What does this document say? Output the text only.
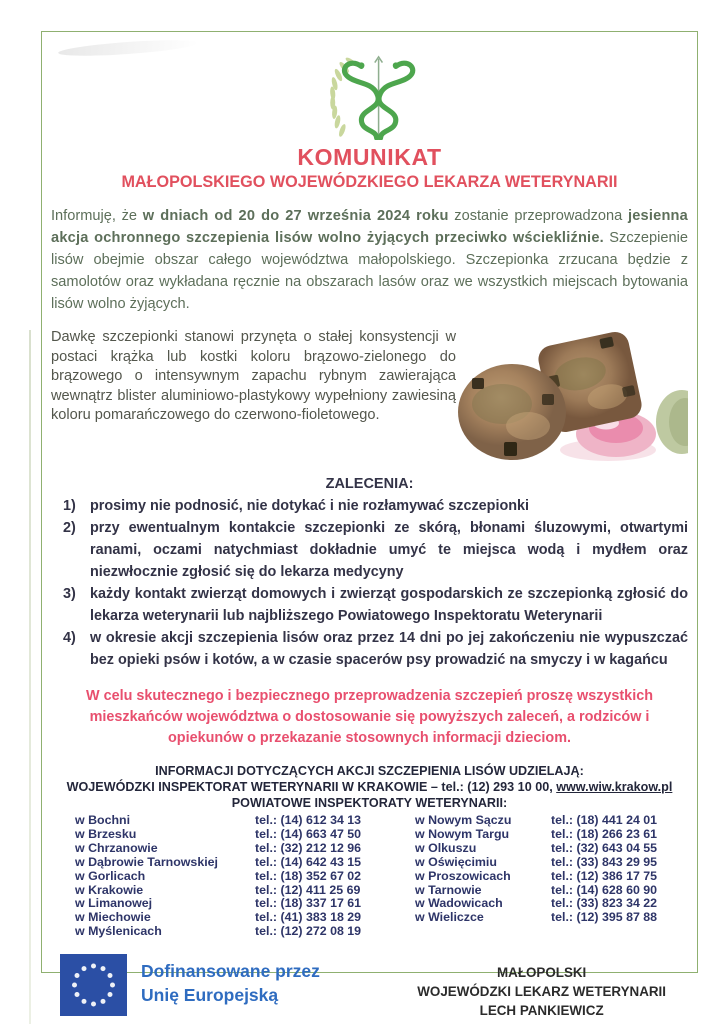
KOMUNIKAT
MAŁOPOLSKIEGO WOJEWÓDZKIEGO LEKARZA WETERYNARII

Informuję, że w dniach od 20 do 27 września 2024 roku zostanie przeprowadzona jesienna akcja ochronnego szczepienia lisów wolno żyjących przeciwko wściekliźnie. Szczepienie lisów obejmie obszar całego województwa małopolskiego. Szczepionka zrzucana będzie z samolotów oraz wykładana ręcznie na obszarach lasów oraz we wszystkich miejscach bytowania lisów wolno żyjących.

Dawkę szczepionki stanowi przynęta o stałej konsystencji w postaci krążka lub kostki koloru brązowo-zielonego do brązowego o intensywnym zapachu rybnym zawierająca wewnątrz blister aluminiowo-plastykowy wypełniony zawiesiną koloru pomarańczowego do czerwono-fioletowego.

ZALECENIA:
1) prosimy nie podnosić, nie dotykać i nie rozłamywać szczepionki
2) przy ewentualnym kontakcie szczepionki ze skórą, błonami śluzowymi, otwartymi ranami, oczami natychmiast dokładnie umyć te miejsca wodą i mydłem oraz niezwłocznie zgłosić się do lekarza medycyny
3) każdy kontakt zwierząt domowych i zwierząt gospodarskich ze szczepionką zgłosić do lekarza weterynarii lub najbliższego Powiatowego Inspektoratu Weterynarii
4) w okresie akcji szczepienia lisów oraz przez 14 dni po jej zakończeniu nie wypuszczać bez opieki psów i kotów, a w czasie spacerów psy prowadzić na smyczy i w kagańcu

W celu skutecznego i bezpiecznego przeprowadzenia szczepień proszę wszystkich mieszkańców województwa o dostosowanie się powyższych zaleceń, a rodziców i opiekunów o przekazanie stosownych informacji dzieciom.

INFORMACJI DOTYCZĄCYCH AKCJI SZCZEPIENIA LISÓW UDZIELAJĄ:
WOJEWÓDZKI INSPEKTORAT WETERYNARII W KRAKOWIE – tel.: (12) 293 10 00, www.wiw.krakow.pl
POWIATOWE INSPEKTORATY WETERYNARII:
w Bochni	tel.: (14) 612 34 13	w Nowym Sączu	tel.: (18) 441 24 01
w Brzesku	tel.: (14) 663 47 50	w Nowym Targu	tel.: (18) 266 23 61
w Chrzanowie	tel.: (32) 212 12 96	w Olkuszu	tel.: (32) 643 04 55
w Dąbrowie Tarnowskiej	tel.: (14) 642 43 15	w Oświęcimiu	tel.: (33) 843 29 95
w Gorlicach	tel.: (18) 352 67 02	w Proszowicach	tel.: (12) 386 17 75
w Krakowie	tel.: (12) 411 25 69	w Tarnowie	tel.: (14) 628 60 90
w Limanowej	tel.: (18) 337 17 61	w Wadowicach	tel.: (33) 823 34 22
w Miechowie	tel.: (41) 383 18 29	w Wieliczce	tel.: (12) 395 87 88
w Myślenicach	tel.: (12) 272 08 19
Dofinansowane przez
Unię Europejską
MAŁOPOLSKI
WOJEWÓDZKI LEKARZ WETERYNARII
LECH PANKIEWICZ
